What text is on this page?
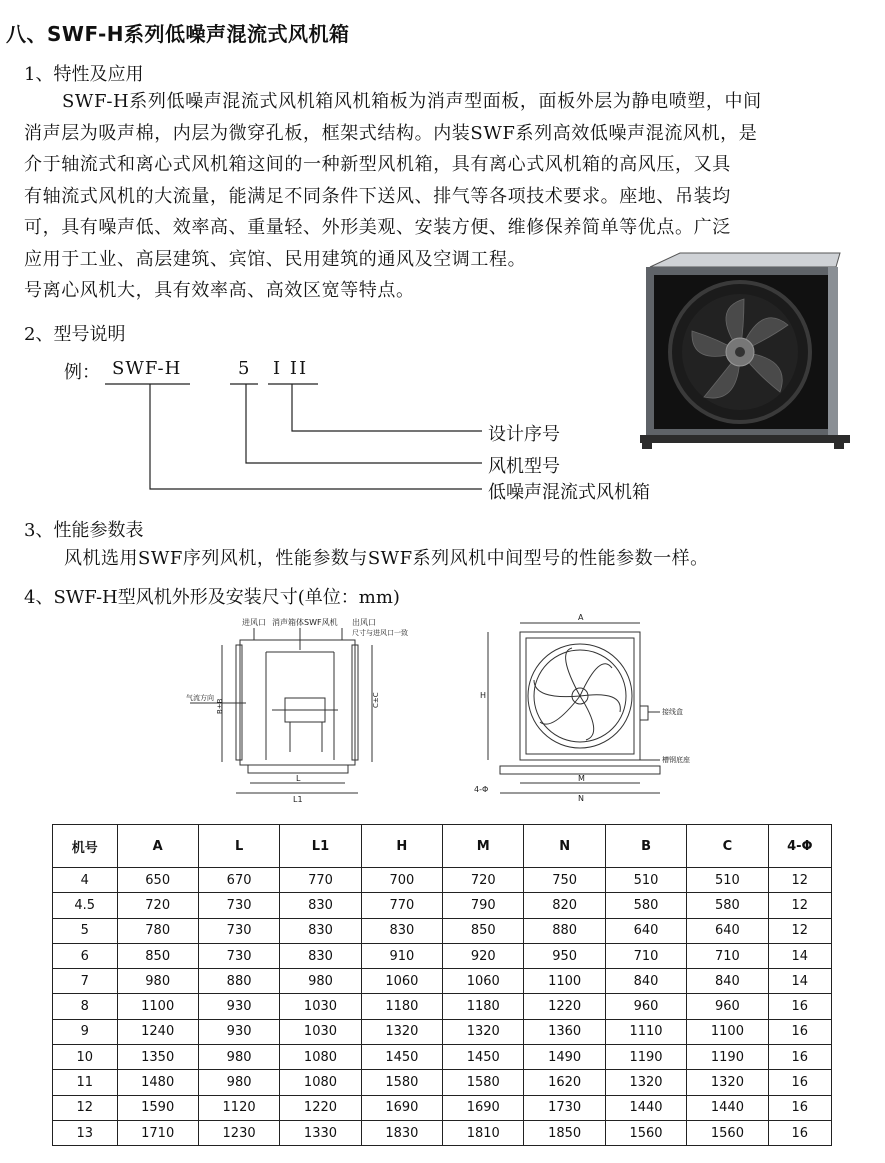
八、SWF-H系列低噪声混流式风机箱
1、特性及应用
SWF-H系列低噪声混流式风机箱风机箱板为消声型面板，面板外层为静电喷塑，中间
消声层为吸声棉，内层为微穿孔板，框架式结构。内装SWF系列高效低噪声混流风机，是
介于轴流式和离心式风机箱这间的一种新型风机箱，具有离心式风机箱的高风压，又具
有轴流式风机的大流量，能满足不同条件下送风、排气等各项技术要求。座地、吊装均
可，具有噪声低、效率高、重量轻、外形美观、安装方便、维修保养简单等优点。广泛
应用于工业、高层建筑、宾馆、民用建筑的通风及空调工程。
号离心风机大，具有效率高、高效区宽等特点。
2、型号说明
例： SWF-H	5 I II
设计序号
风机型号
低噪声混流式风机箱
3、性能参数表
风机选用SWF序列风机，性能参数与SWF系列风机中间型号的性能参数一样。
4、SWF-H型风机外形及安装尺寸(单位：mm)
进风口 消声箱体SWF风机 出风口
尺寸与进风口一致
气流方向
B±B	C±C
L
L1
A
H
M
N
4-Φ
接线盒
槽钢底座
机号	A	L	L1	H	M	N	B	C	4-Φ
4	650	670	770	700	720	750	510	510	12
4.5	720	730	830	770	790	820	580	580	12
5	780	730	830	830	850	880	640	640	12
6	850	730	830	910	920	950	710	710	14
7	980	880	980	1060	1060	1100	840	840	14
8	1100	930	1030	1180	1180	1220	960	960	16
9	1240	930	1030	1320	1320	1360	1110	1100	16
10	1350	980	1080	1450	1450	1490	1190	1190	16
11	1480	980	1080	1580	1580	1620	1320	1320	16
12	1590	1120	1220	1690	1690	1730	1440	1440	16
13	1710	1230	1330	1830	1810	1850	1560	1560	16
